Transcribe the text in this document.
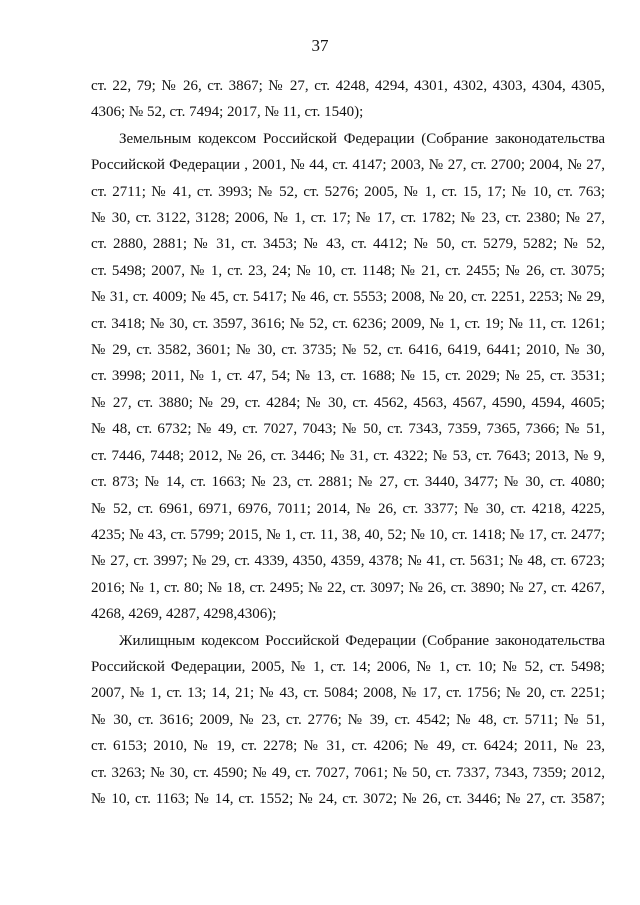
37
ст. 22, 79; № 26, ст. 3867; № 27, ст. 4248, 4294, 4301, 4302, 4303, 4304, 4305,
4306; № 52, ст. 7494; 2017, № 11, ст. 1540);
Земельным кодексом Российской Федерации (Собрание законодательства
Российской Федерации , 2001, № 44, ст. 4147; 2003, № 27, ст. 2700; 2004, № 27,
ст. 2711; № 41, ст. 3993; № 52, ст. 5276; 2005, № 1, ст. 15, 17; № 10, ст. 763;
№ 30, ст. 3122, 3128; 2006, № 1, ст. 17; № 17, ст. 1782; № 23, ст. 2380; № 27,
ст. 2880, 2881; № 31, ст. 3453; № 43, ст. 4412; № 50, ст. 5279, 5282; № 52,
ст. 5498; 2007, № 1, ст. 23, 24; № 10, ст. 1148; № 21, ст. 2455; № 26, ст. 3075;
№ 31, ст. 4009; № 45, ст. 5417; № 46, ст. 5553; 2008, № 20, ст. 2251, 2253; № 29,
ст. 3418; № 30, ст. 3597, 3616; № 52, ст. 6236; 2009, № 1, ст. 19; № 11, ст. 1261;
№ 29, ст. 3582, 3601; № 30, ст. 3735; № 52, ст. 6416, 6419, 6441; 2010, № 30,
ст. 3998; 2011, № 1, ст. 47, 54; № 13, ст. 1688; № 15, ст. 2029; № 25, ст. 3531;
№ 27, ст. 3880; № 29, ст. 4284; № 30, ст. 4562, 4563, 4567, 4590, 4594, 4605;
№ 48, ст. 6732; № 49, ст. 7027, 7043; № 50, ст. 7343, 7359, 7365, 7366; № 51,
ст. 7446, 7448; 2012, № 26, ст. 3446; № 31, ст. 4322; № 53, ст. 7643; 2013, № 9,
ст. 873; № 14, ст. 1663; № 23, ст. 2881; № 27, ст. 3440, 3477; № 30, ст. 4080;
№ 52, ст. 6961, 6971, 6976, 7011; 2014, № 26, ст. 3377; № 30, ст. 4218, 4225,
4235; № 43, ст. 5799; 2015, № 1, ст. 11, 38, 40, 52; № 10, ст. 1418; № 17, ст. 2477;
№ 27, ст. 3997; № 29, ст. 4339, 4350, 4359, 4378; № 41, ст. 5631; № 48, ст. 6723;
2016; № 1, ст. 80; № 18, ст. 2495; № 22, ст. 3097; № 26, ст. 3890; № 27, ст. 4267,
4268, 4269, 4287, 4298,4306);
Жилищным кодексом Российской Федерации (Собрание законодательства
Российской Федерации, 2005, № 1, ст. 14; 2006, № 1, ст. 10; № 52, ст. 5498;
2007, № 1, ст. 13; 14, 21; № 43, ст. 5084; 2008, № 17, ст. 1756; № 20, ст. 2251;
№ 30, ст. 3616; 2009, № 23, ст. 2776; № 39, ст. 4542; № 48, ст. 5711; № 51,
ст. 6153; 2010, № 19, ст. 2278; № 31, ст. 4206; № 49, ст. 6424; 2011, № 23,
ст. 3263; № 30, ст. 4590; № 49, ст. 7027, 7061; № 50, ст. 7337, 7343, 7359; 2012,
№ 10, ст. 1163; № 14, ст. 1552; № 24, ст. 3072; № 26, ст. 3446; № 27, ст. 3587;
